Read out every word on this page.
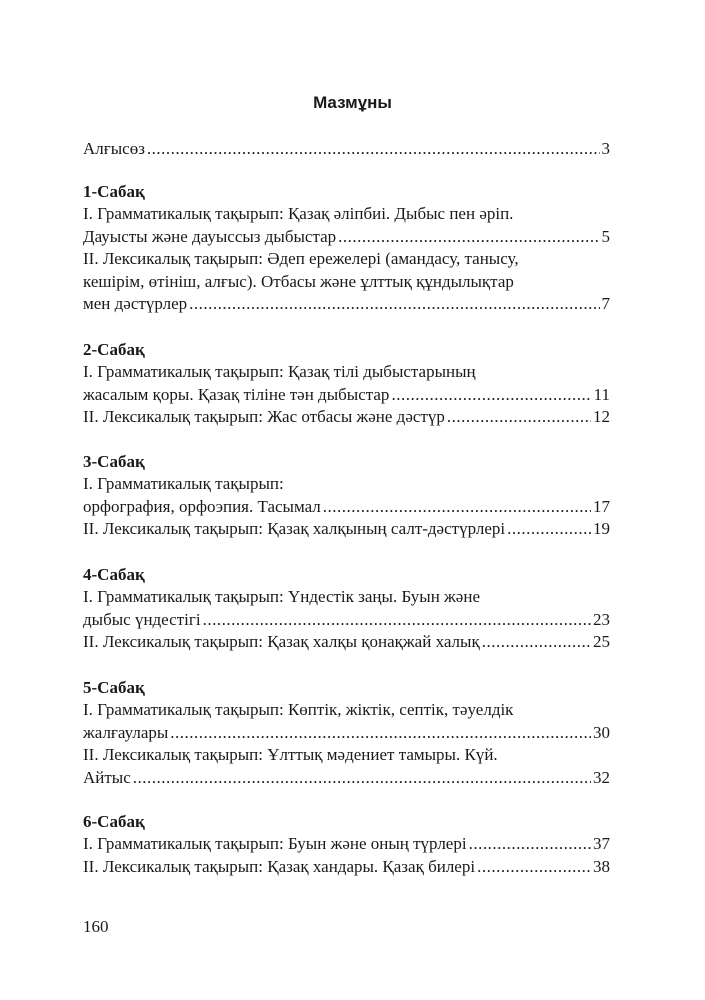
Мазмұны
Алғысөз .....	3
1-Сабақ
I. Грамматикалық тақырып: Қазақ әліпбиі. Дыбыс пен әріп.
Дауысты және дауыссыз дыбыстар .....	5
II. Лексикалық тақырып: Әдеп ережелері (амандасу, танысу,
кешірім, өтініш, алғыс). Отбасы және ұлттық құндылықтар
мен дәстүрлер .....	7
2-Сабақ
I. Грамматикалық тақырып: Қазақ тілі дыбыстарының
жасалым қоры. Қазақ тіліне тән дыбыстар .....	11
II. Лексикалық тақырып: Жас отбасы және дәстүр .....	12
3-Сабақ
I. Грамматикалық тақырып:
орфография, орфоэпия. Тасымал .....	17
II. Лексикалық тақырып: Қазақ халқының салт-дәстүрлері .....	19
4-Сабақ
I. Грамматикалық тақырып: Үндестік заңы. Буын және
дыбыс үндестігі .....	23
II. Лексикалық тақырып: Қазақ халқы қонақжай халық .....	25
5-Сабақ
I. Грамматикалық тақырып: Көптік, жіктік, септік, тәуелдік
жалғаулары .....	30
II. Лексикалық тақырып: Ұлттық мәдениет тамыры. Күй.
Айтыс .....	32
6-Сабақ
I. Грамматикалық тақырып: Буын және оның түрлері .....	37
II. Лексикалық тақырып: Қазақ хандары. Қазақ билері .....	38
160
